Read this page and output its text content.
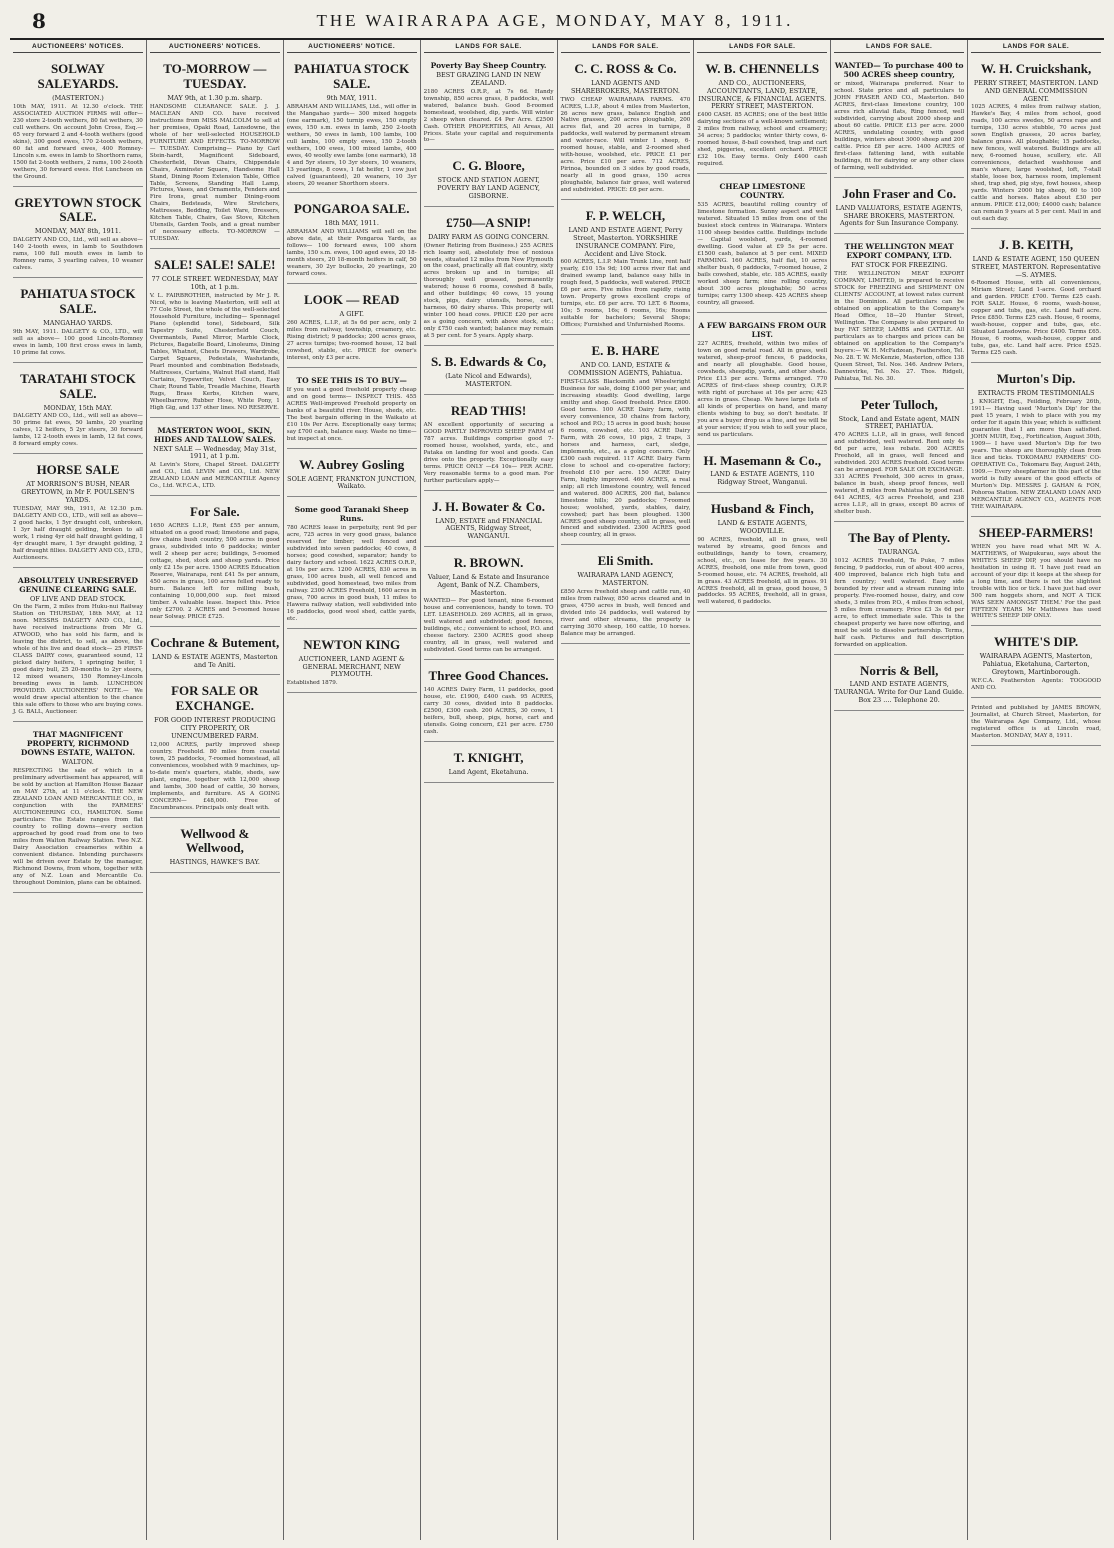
8	THE WAIRARAPA AGE, MONDAY, MAY 8, 1911.
AUCTIONEERS' NOTICES.
SOLWAY SALEYARDS.
(MASTERTON.)
10th MAY, 1911. At 12.30 o'clock. THE ASSOCIATED AUCTION FIRMS will offer— 230 store 2-tooth wethers, 80 fat wethers, 30 cull wethers. On account John Cross, Esq.— 65 very forward 2 and 4-tooth wethers (good skins), 300 good ewes, 170 2-tooth wethers, 60 fat and forward ewes, 400 Romney-Lincoln s.m. ewes in lamb to Shorthorn rams, 1500 fat 2-tooth wethers, 2 rams, 100 2-tooth wethers, 30 forward ewes. Hot Luncheon on the Ground.
GREYTOWN STOCK SALE.
MONDAY, MAY 8th, 1911.
DALGETY AND CO., Ltd., will sell as above— 140 2-tooth ewes, in lamb to Southdown rams, 100 full mouth ewes in lamb to Romney rams, 3 yearling calves, 10 weaner calves.
PAHIATUA STOCK SALE.
MANGAHAO YARDS.
9th MAY, 1911. DALGETY & CO., LTD., will sell as above— 100 good Lincoln-Romney ewes in lamb, 100 first cross ewes in lamb, 10 prime fat cows.
TARATAHI STOCK SALE.
MONDAY, 15th MAY.
DALGETY AND CO., Ltd., will sell as above— 50 prime fat ewes, 50 lambs, 20 yearling calves, 12 heifers, 5 2yr steers, 30 forward lambs, 12 2-tooth ewes in lamb, 12 fat cows, 8 forward empty cows.
HORSE SALE
AT MORRISON'S BUSH, NEAR GREYTOWN, in Mr F. POULSEN'S YARDS.
TUESDAY, MAY 9th, 1911, At 12.30 p.m. DALGETY AND CO., LTD., will sell as above— 2 good hacks, 1 5yr draught colt, unbroken, 1 3yr half draught gelding, broken to all work, 1 rising 4yr old half draught gelding, 1 4yr draught mare, 1 5yr draught gelding, 2 half draught fillies. DALGETY AND CO., LTD., Auctioneers.
ABSOLUTELY UNRESERVED GENUINE CLEARING SALE.
OF LIVE AND DEAD STOCK.
On the Farm, 2 miles from Huku-nui Railway Station on THURSDAY, 18th MAY, at 12 noon. MESSRS DALGETY AND CO., Ltd., have received instructions from Mr G. ATWOOD, who has sold his farm, and is leaving the district, to sell, as above, the whole of his live and dead stock— 25 FIRST-CLASS DAIRY cows, guaranteed sound, 12 picked dairy heifers, 1 springing heifer, 1 good dairy bull, 25 20-months to 2yr steers, 12 mixed weaners, 150 Romney-Lincoln breeding ewes in lamb. LUNCHEON PROVIDED. AUCTIONEERS' NOTE.— We would draw special attention to the chance this sale offers to those who are buying cows. J. G. BALL, Auctioneer.
THAT MAGNIFICENT PROPERTY, RICHMOND DOWNS ESTATE, WALTON.
WALTON.
RESPECTING the sale of which in a preliminary advertisement has appeared, will be sold by auction at Hamilton House Bazaar on MAY 27th, at 11 o'clock. THE NEW ZEALAND LOAN AND MERCANTILE CO., in conjunction with the FARMERS' AUCTIONEERING CO., HAMILTON. Some particulars: The Estate ranges from flat country to rolling downs—every section approached by good road from one to two miles from Walton Railway Station. Two N.Z. Dairy Association creameries within a convenient distance. Intending purchasers will be driven over Estate by the manager, Richmond Downs, from whom, together with any of N.Z. Loan and Mercantile Co. throughout Dominion, plans can be obtained.
AUCTIONEERS' NOTICES.
TO-MORROW — TUESDAY.
MAY 9th, at 1.30 p.m. sharp.
HANDSOME CLEARANCE SALE. J. J. MACLEAN AND CO. have received instructions from MISS MALCOLM to sell at her premises, Opaki Road, Lansdowne, the whole of her well-selected HOUSEHOLD FURNITURE AND EFFECTS. TO-MORROW — TUESDAY. Comprising— Piano by Carl Stein-hardt, Magnificent Sideboard, Chesterfield, Divan Chairs, Chippendale Chairs, Axminster Square, Handsome Hall Stand, Dining Room Extension Table, Office Table, Screens, Standing Hall Lamp, Pictures, Vases, and Ornaments, Fenders and Fire Irons, great number Dining-room Chairs, Bedsteads, Wire Stretchers, Mattresses, Bedding, Toilet Ware, Dressers, Kitchen Table, Chairs, Gas Stove, Kitchen Utensils, Garden Tools, and a great number of necessary effects. TO-MORROW — TUESDAY.
SALE! SALE! SALE!
77 COLE STREET. WEDNESDAY, MAY 10th, at 1 p.m.
V. L. FAIRBROTHER, instructed by Mr J. R. Nicol, who is leaving Masterton, will sell at 77 Cole Street, the whole of the well-selected Household Furniture, including— Spennagel Piano (splendid tone), Sideboard, Silk Tapestry Suite, Chesterfield Couch, Overmantels, Panel Mirror, Marble Clock, Pictures, Bagatelle Board, Linoleums, Dining Tables, Whatnot, Chests Drawers, Wardrobe, Carpet Squares, Pedestals, Washstands, Pearl mounted and combination Bedsteads, Mattresses, Curtains, Walnut Hall stand, Hall Curtains, Typewriter, Velvet Couch, Easy Chair, Round Table, Treadle Machine, Hearth Rugs, Brass Kerbs, Kitchen ware, Wheelbarrow, Rubber Hose, White Pony, 1 High Gig, and 137 other lines. NO RESERVE.
MASTERTON WOOL, SKIN, HIDES AND TALLOW SALES.
NEXT SALE — Wednesday, May 31st, 1911, at 1 p.m.
At Levin's Store, Chapel Street. DALGETY and CO., Ltd. LEVIN and CO., Ltd. NEW ZEALAND LOAN and MERCANTILE Agency Co., Ltd. W.F.C.A., LTD.
For Sale.
1650 ACRES L.I.P., Rent £55 per annum, situated on a good road; limestone and papa, few chains bush country, 500 acres in good grass, subdivided into 6 paddocks; winter well 2 sheep per acre; buildings, 5-roomed cottage, shed, stock and sheep yards. Price only £2 15s per acre. 1500 ACRES Education Reserve, Wairarapa, rent £41 5s per annum, 450 acres in grass, 100 acres felled ready to burn. Balance left for milling bush, containing 10,000,000 sup. feet mixed timber. A valuable lease. Inspect this. Price only £2700. 2 ACRES and 5-roomed house near Solway. PRICE £725.
Cochrane & Butement,
LAND & ESTATE AGENTS, Masterton and Te Aniti.
FOR SALE OR EXCHANGE.
FOR GOOD INTEREST PRODUCING CITY PROPERTY, OR UNENCUMBERED FARM.
12,000 ACRES, partly improved sheep country. Freehold. 80 miles from coastal town, 25 paddocks, 7-roomed homestead, all conveniences, woolshed with 9 machines, up-to-date men's quarters, stable, sheds, saw plant, engine, together with 12,000 sheep and lambs, 300 head of cattle, 30 horses, implements, and furniture. AS A GOING CONCERN— £48,000. Free of Encumbrances. Principals only dealt with.
Wellwood & Wellwood,
HASTINGS, HAWKE'S BAY.
AUCTIONEERS' NOTICE.
PAHIATUA STOCK SALE.
9th MAY, 1911.
ABRAHAM AND WILLIAMS, Ltd., will offer in the Mangahao yards— 300 mixed hoggets (one earmark), 150 turnip ewes, 150 empty ewes, 150 s.m. ewes in lamb, 250 2-tooth wethers, 50 ewes in lamb, 100 lambs, 100 cull lambs, 100 empty ewes, 150 2-tooth wethers, 100 ewes, 100 mixed lambs, 400 ewes, 40 woolly ewe lambs (one earmark), 18 4 and 5yr steers, 10 3yr steers, 10 weaners, 13 yearlings, 8 cows, 1 fat heifer, 1 cow just calved (guaranteed), 20 weaners, 10 3yr steers, 20 weaner Shorthorn steers.
PONGAROA SALE.
18th MAY, 1911.
ABRAHAM AND WILLIAMS will sell on the above date, at their Pongaroa Yards, as follows— 100 forward ewes, 100 shorn lambs, 150 s.m. ewes, 100 aged ewes, 20 18-month steers, 20 18-month heifers in calf, 50 weaners, 30 2yr bullocks, 20 yearlings, 20 forward cows.
LOOK — READ
A GIFT.
260 ACRES, L.I.P., at 5s 6d per acre, only 2 miles from railway, township, creamery, etc. Rising district; 9 paddocks; 200 acres grass, 27 acres turnips; two-roomed house, 12 bail cowshed, stable, etc. PRICE for owner's interest, only £3 per acre.
TO SEE THIS IS TO BUY—
If you want a good freehold property cheap and on good terms— INSPECT THIS. 455 ACRES Well-improved Freehold property on banks of a beautiful river. House, sheds, etc. The best bargain offering in the Waikato at £10 10s Per Acre. Exceptionally easy terms; say £700 cash, balance easy. Waste no time—but inspect at once.
W. Aubrey Gosling
SOLE AGENT, FRANKTON JUNCTION, Waikato.
Some good Taranaki Sheep Runs.
780 ACRES lease in perpetuity, rent 9d per acre, 725 acres in very good grass, balance reserved for timber; well fenced and subdivided into seven paddocks; 40 cows, 8 horses; good cowshed, separator; handy to dairy factory and school. 1622 ACRES O.R.P., at 10s per acre. 1200 ACRES, 830 acres in grass, 100 acres bush, all well fenced and subdivided, good homestead, two miles from railway. 2300 ACRES Freehold, 1600 acres in grass, 700 acres in good bush, 11 miles to Hawera railway station, well subdivided into 16 paddocks, good wool shed, cattle yards, etc.
NEWTON KING
AUCTIONEER, LAND AGENT & GENERAL MERCHANT, NEW PLYMOUTH.
Established 1879.
LANDS FOR SALE.
Poverty Bay Sheep Country.
BEST GRAZING LAND IN NEW ZEALAND.
2180 ACRES O.R.P., at 7s 6d. Handy township, 850 acres grass, 8 paddocks, well watered, balance bush. Good 8-roomed homestead, woolshed, dip, yards. Will winter 2 sheep when cleared. £4 Per Acre. £2500 Cash. OTHER PROPERTIES, All Areas, All Prices. State your capital and requirements to—
C. G. Bloore,
STOCK AND STATION AGENT, POVERTY BAY LAND AGENCY, GISBORNE.
£750—A SNIP!
DAIRY FARM AS GOING CONCERN.
(Owner Retiring from Business.) 255 ACRES rich loamy soil, absolutely free of noxious weeds, situated 12 miles from New Plymouth on the coast, practically all flat country, sixty acres broken up and in turnips; all thoroughly well grassed, permanently watered; house 6 rooms, cowshed 8 bails, and other buildings; 40 cows, 15 young stock, pigs, dairy utensils, horse, cart, harness, 60 dairy shares. This property will winter 100 head cows. PRICE £20 per acre as a going concern, with above stock, etc.; only £750 cash wanted; balance may remain at 5 per cent. for 5 years. Apply sharp.
S. B. Edwards & Co,
(Late Nicol and Edwards), MASTERTON.
READ THIS!
AN excellent opportunity of securing a GOOD PARTLY IMPROVED SHEEP FARM of 787 acres. Buildings comprise good 7-roomed house, woolshed, yards, etc., and Pataka on landing for wool and goods. Can drive onto the property. Exceptionally easy terms. PRICE ONLY —£4 10s— PER ACRE. Very reasonable terms to a good man. For further particulars apply—
J. H. Bowater & Co.
LAND, ESTATE and FINANCIAL AGENTS, Ridgway Street, WANGANUI.
R. BROWN.
Valuer, Land & Estate and Insurance Agent, Bank of N.Z. Chambers, Masterton.
WANTED— For good tenant, nine 6-roomed house and conveniences, handy to town. TO LET. LEASEHOLD. 269 ACRES, all in grass, well watered and subdivided; good fences, buildings, etc.; convenient to school, P.O. and cheese factory. 2300 ACRES good sheep country, all in grass, well watered and subdivided. Good terms can be arranged.
Three Good Chances.
140 ACRES Dairy Farm, 11 paddocks, good house, etc. £1900, £400 cash. 95 ACRES, carry 30 cows, divided into 8 paddocks. £2500, £300 cash. 200 ACRES, 30 cows, 1 heifers, bull, sheep, pigs, horse, cart and utensils. Going concern, £21 per acre. £750 cash.
T. KNIGHT,
Land Agent, Eketahuna.
LANDS FOR SALE.
C. C. ROSS & Co.
LAND AGENTS AND SHAREBROKERS, MASTERTON.
TWO CHEAP WAIRARAPA FARMS. 470 ACRES, L.I.P., about 4 miles from Masterton, 26 acres new grass, balance English and Native grasses, 200 acres ploughable, 200 acres flat, and 20 acres in turnips, 8 paddocks, well watered by permanent stream and water-race. Will winter 1 sheep, 6-roomed house, stable, and 2-roomed shed with-house, woolshed, etc. PRICE £1 per acre. Price £10 per acre. 712 ACRES, Pirinoa, bounded on 3 sides by good roads, nearly all in good grass, 150 acres ploughable, balance fair grass, well watered and subdivided. PRICE: £6 per acre.
F. P. WELCH,
LAND AND ESTATE AGENT, Perry Street, Masterton. YORKSHIRE INSURANCE COMPANY. Fire, Accident and Live Stock.
600 ACRES, L.I.P. Main Trunk Line, rent half yearly, £10 15s 9d; 100 acres river flat and drained swamp land, balance easy hills in rough feed, 5 paddocks, well watered. PRICE £6 per acre. Five miles from rapidly rising town. Property grows excellent crops of turnips, etc. £6 per acre. TO LET. 6 Rooms, 10s; 5 rooms, 16s; 6 rooms, 16s; Rooms suitable for bachelors; Several Shops; Offices; Furnished and Unfurnished Rooms.
E. B. HARE
AND CO. LAND, ESTATE & COMMISSION AGENTS, Pahiatua.
FIRST-CLASS Blacksmith and Wheelwright Business for sale, doing £1000 per year, and increasing steadily. Good dwelling, large smithy and shop. Good freehold. Price £800. Good terms. 100 ACRE Dairy farm, with every convenience, 30 chains from factory, school and P.O.; 15 acres in good bush; house 6 rooms, cowshed, etc. 103 ACRE Dairy Farm, with 26 cows, 10 pigs, 2 traps, 3 horses and harness, cart, sledge, implements, etc., as a going concern. Only £300 cash required. 117 ACRE Dairy Farm close to school and co-operative factory; freehold £10 per acre. 150 ACRE Dairy Farm, highly improved. 460 ACRES, a real snip; all rich limestone country, well fenced and watered. 800 ACRES, 200 flat, balance limestone hills; 20 paddocks; 7-roomed house; woolshed, yards, stables, dairy, cowshed; part has been ploughed. 1300 ACRES good sheep country, all in grass, well fenced and subdivided. 2300 ACRES good sheep country, all in grass.
Eli Smith.
WAIRARAPA LAND AGENCY, MASTERTON.
£850 Acres freehold sheep and cattle run, 40 miles from railway, 850 acres cleared and in grass, 4750 acres in bush, well fenced and divided into 24 paddocks, well watered by river and other streams, the property is carrying 3070 sheep, 160 cattle, 10 horses. Balance may be arranged.
LANDS FOR SALE.
W. B. CHENNELLS
AND CO., AUCTIONEERS, ACCOUNTANTS, LAND, ESTATE, INSURANCE, & FINANCIAL AGENTS. PERRY STREET, MASTERTON.
£400 CASH. 85 ACRES; one of the best little dairying sections of a well-known settlement; 2 miles from railway, school and creamery; 34 acres; 5 paddocks; winter thirty cows, 6-roomed house, 8-bail cowshed, trap and cart shed, piggeries, excellent orchard. PRICE £32 10s. Easy terms. Only £400 cash required.
CHEAP LIMESTONE COUNTRY.
535 ACRES, beautiful rolling country of limestone formation. Sunny aspect and well watered. Situated 15 miles from one of the busiest stock centres in Wairarapa. Winters 1100 sheep besides cattle. Buildings include — Capital woolshed, yards, 4-roomed dwelling. Good value at £9 5s per acre. £1500 cash, balance at 5 per cent. MIXED FARMING. 160 ACRES, half flat, 10 acres shelter bush, 6 paddocks, 7-roomed house, 2 bails cowshed, stable, etc. 185 ACRES, easily worked sheep farm; nine rolling country, about 300 acres ploughable; 50 acres turnips; carry 1300 sheep. 425 ACRES sheep country, all grassed.
A FEW BARGAINS FROM OUR LIST.
227 ACRES, freehold, within two miles of town on good metal road. All in grass, well watered, sheep-proof fences, 6 paddocks, and nearly all ploughable. Good house, cowsheds, sheepdip, yards, and other sheds. Price £13 per acre. Terms arranged. 770 ACRES of first-class sheep country, O.R.P. with right of purchase at 16s per acre; 425 acres in grass. Cheap. We have large lists of all kinds of properties on hand, and many clients wishing to buy, so don't hesitate. If you are a buyer drop us a line, and we will be at your service; if you wish to sell your place, send us particulars.
H. Masemann & Co.,
LAND & ESTATE AGENTS, 110 Ridgway Street, Wanganui.
Husband & Finch,
LAND & ESTATE AGENTS, WOODVILLE.
90 ACRES, freehold, all in grass, well watered by streams, good fences and outbuildings, handy to town, creamery, school, etc., on lease for five years. 30 ACRES, freehold, one mile from town, good 5-roomed house, etc. 74 ACRES, freehold, all in grass. 43 ACRES freehold, all in grass. 91 ACRES freehold, all in grass, good house, 5 paddocks. 95 ACRES, freehold, all in grass, well watered, 6 paddocks.
LANDS FOR SALE.
WANTED— To purchase 400 to 500 ACRES sheep country,
or mixed, Wairarapa preferred. Near to school. State price and all particulars to JOHN FRASER AND CO., Masterton. 840 ACRES, first-class limestone country, 100 acres rich alluvial flats, Ring fenced, well subdivided, carrying about 2000 sheep and about 60 cattle. PRICE £13 per acre. 2000 ACRES, undulating country, with good buildings, winters about 3000 sheep and 200 cattle. Price £8 per acre. 1400 ACRES of first-class fattening land, with suitable buildings, fit for dairying or any other class of farming, well subdivided.
John Fraser and Co.
LAND VALUATORS, ESTATE AGENTS, SHARE BROKERS, MASTERTON. Agents for Sun Insurance Company.
THE WELLINGTON MEAT EXPORT COMPANY, LTD.
FAT STOCK FOR FREEZING.
THE WELLINGTON MEAT EXPORT COMPANY, LIMITED, is prepared to receive STOCK for FREEZING and SHIPMENT ON CLIENTS' ACCOUNT, at lowest rates current in the Dominion. All particulars can be obtained on application to the Company's Head Office, 18—20 Hunter Street, Wellington. The Company is also prepared to buy FAT SHEEP, LAMBS and CATTLE. All particulars as to charges and prices can be obtained on application to the Company's buyers:— W. H. McFadzean, Featherston, Tel. No. 28. T. W. McKenzie, Masterton, office 138 Queen Street, Tel. Nos. 346. Andrew Peters, Dannevirke, Tel. No. 27. Thos. Ridgeli, Pahiatua, Tel. No. 30.
Peter Tulloch,
Stock, Land and Estate agent, MAIN STREET, PAHIATUA.
470 ACRES L.I.P., all in grass, well fenced and subdivided, well watered. Rent only 4s 6d per acre, less rebate. 200 ACRES Freehold, all in grass, well fenced and subdivided. 203 ACRES freehold. Good terms can be arranged. FOR SALE OR EXCHANGE. 331 ACRES Freehold, 300 acres in grass, balance in bush, sheep proof fences, well watered, 8 miles from Pahiatua by good road. 641 ACRES, 4/3 acres Freehold, and 238 acres L.I.P., all in grass, except 80 acres of shelter bush.
The Bay of Plenty.
TAURANGA.
1012 ACRES Freehold, Te Puke, 7 miles fencing, 9 paddocks, run of about 400 acres, 400 improved, balance rich high tutu and fern country; well watered. Easy side bounded by river and a stream running into property. Five-roomed house, dairy, and cow sheds, 3 miles from P.O., 4 miles from school, 5 miles from creamery. Price £3 3s 6d per acre, to effect immediate sale. This is the cheapest property we have now offering, and must be sold to dissolve partnership. Terms, half cash. Pictures and full description forwarded on application.
Norris & Bell,
LAND AND ESTATE AGENTS, TAURANGA. Write for Our Land Guide. Box 23 .... Telephone 20.
LANDS FOR SALE.
W. H. Cruickshank,
PERRY STREET, MASTERTON. LAND AND GENERAL COMMISSION AGENT.
1025 ACRES, 4 miles from railway station, Hawke's Bay, 4 miles from school, good roads, 100 acres swedes, 50 acres rape and turnips, 130 acres stubble, 70 acres just sown English grasses, 20 acres barley, balance grass. All ploughable; 15 paddocks, new fences, well watered. Buildings are all new, 6-roomed house, scullery, etc. All conveniences, detached washhouse and man's whare, large woolshed, loft, 7-stall stable, loose box, harness room, implement shed, trap shed, pig stye, fowl houses, sheep yards. Winters 2000 big sheep, 60 to 100 cattle and horses. Rates about £30 per annum. PRICE £12,000; £4000 cash; balance can remain 9 years at 5 per cent. Mail in and out each day.
J. B. KEITH,
LAND & ESTATE AGENT, 150 QUEEN STREET, MASTERTON. Representative—S. AYMES.
6-Roomed House, with all conveniences, Miriam Street; Land 1-acre. Good orchard and garden. PRICE £700. Terms £25 cash. FOR SALE. House, 6 rooms, wash-house, copper and tubs, gas, etc. Land half acre. Price £850. Terms £25 cash. House, 6 rooms, wash-house, copper and tubs, gas, etc. Situated Lansdowne. Price £400. Terms £65. House, 6 rooms, wash-house, copper and tubs, gas, etc. Land half acre. Price £525. Terms £25 cash.
Murton's Dip.
EXTRACTS FROM TESTIMONIALS
J. KNIGHT, Esq., Feilding, February 26th, 1911— Having used 'Murton's Dip' for the past 15 years, I wish to place with you my order for it again this year, which is sufficient guarantee that I am more than satisfied. JOHN MUIR, Esq., Fortification, August 30th, 1909— I have used Murton's Dip for two years. The sheep are thoroughly clean from lice and ticks. TOKOMARU FARMERS' CO-OPERATIVE Co., Tokomaru Bay, August 24th, 1909.— Every sheepfarmer in this part of the world is fully aware of the good effects of Murton's Dip. MESSRS J. GAHAN & FON, Pohoroa Station. NEW ZEALAND LOAN AND MERCANTILE AGENCY CO., AGENTS FOR THE WAIRARAPA.
SHEEP-FARMERS!
WHEN you have read what MR W. A. MATTHEWS, of Waipukurau, says about the WHITE'S SHEEP DIP, you should have no hesitation in using it. 'I have just read an account of your dip: it keeps at the sheep for a long time, and there is not the slightest trouble with lice or tick. I have just had over 500 ram hoggets shorn, and NOT A TICK WAS SEEN AMONGST THEM.' For the past FIFTEEN YEARS Mr Matthews has used WHITE'S SHEEP DIP ONLY.
WHITE'S DIP.
WAIRARAPA AGENTS, Masterton, Pahiatua, Eketahuna, Carterton, Greytown, Martinborough.
W.F.C.A. Featherston Agents: TOOGOOD AND CO.
Printed and published by JAMES BROWN, Journalist, at Church Street, Masterton, for the Wairarapa Age Company, Ltd., whose registered office is at Lincoln road, Masterton. MONDAY, MAY 8, 1911.
